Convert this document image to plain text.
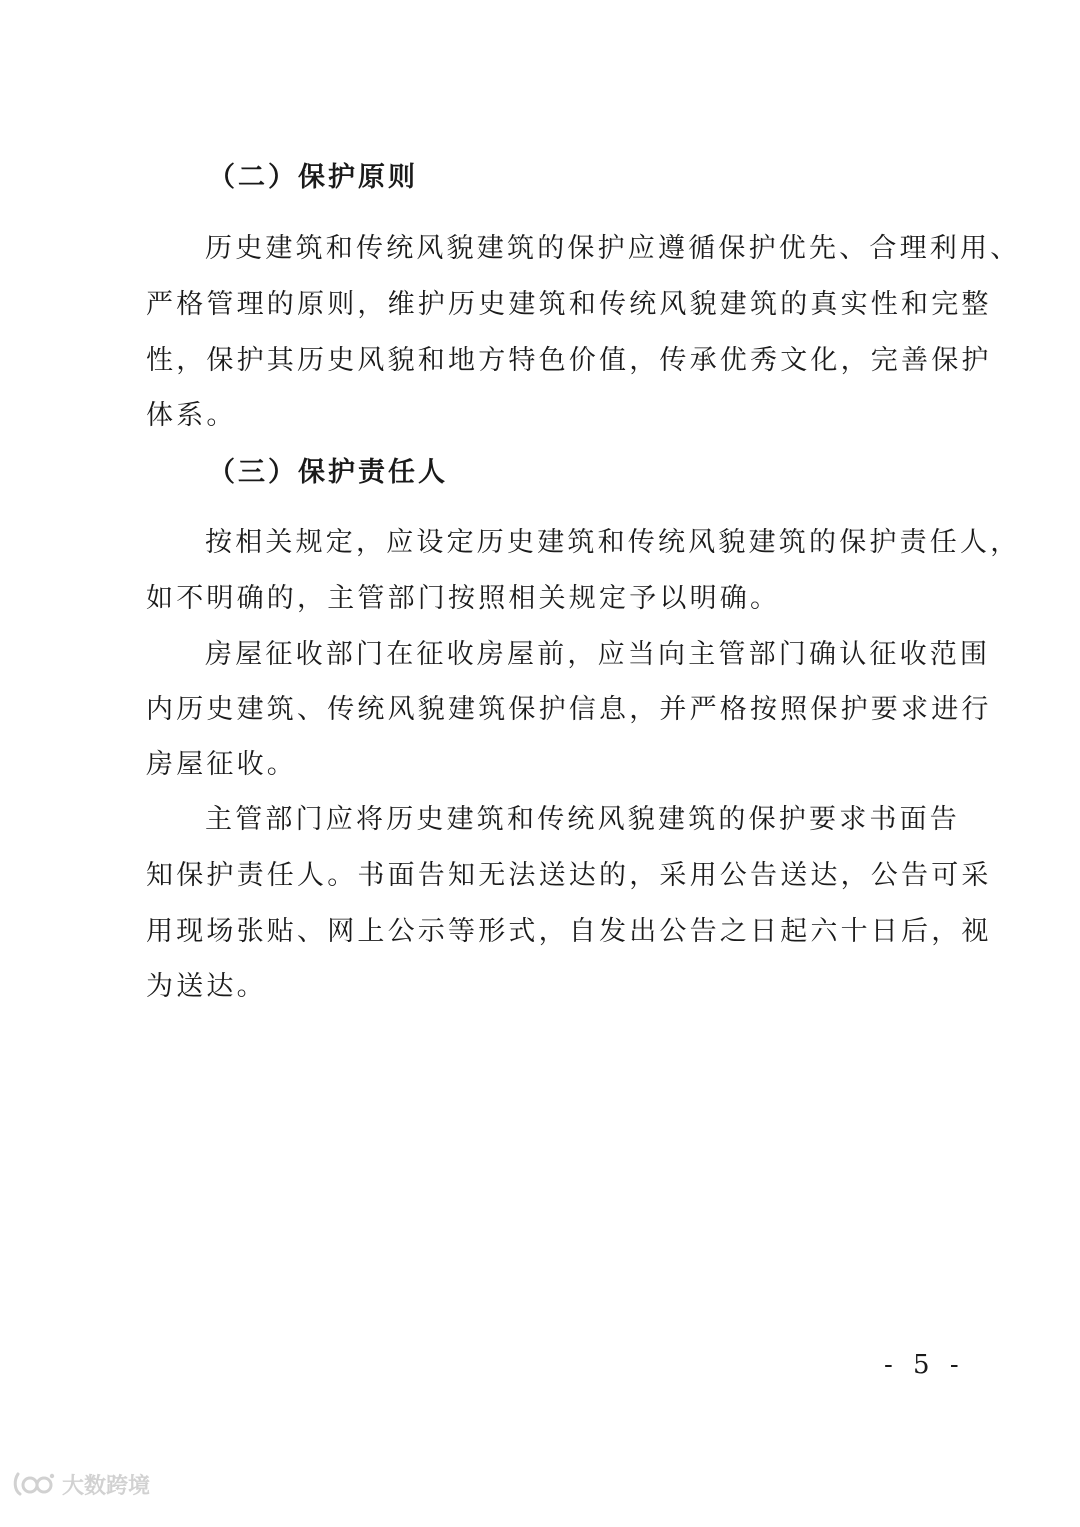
（二）保护原则
历史建筑和传统风貌建筑的保护应遵循保护优先、合理利用、
严格管理的原则，维护历史建筑和传统风貌建筑的真实性和完整
性，保护其历史风貌和地方特色价值，传承优秀文化，完善保护
体系。
（三）保护责任人
按相关规定，应设定历史建筑和传统风貌建筑的保护责任人，
如不明确的，主管部门按照相关规定予以明确。
房屋征收部门在征收房屋前，应当向主管部门确认征收范围
内历史建筑、传统风貌建筑保护信息，并严格按照保护要求进行
房屋征收。
主管部门应将历史建筑和传统风貌建筑的保护要求书面告
知保护责任人。书面告知无法送达的，采用公告送达，公告可采
用现场张贴、网上公示等形式，自发出公告之日起六十日后，视
为送达。
- 5 -
大数跨境
